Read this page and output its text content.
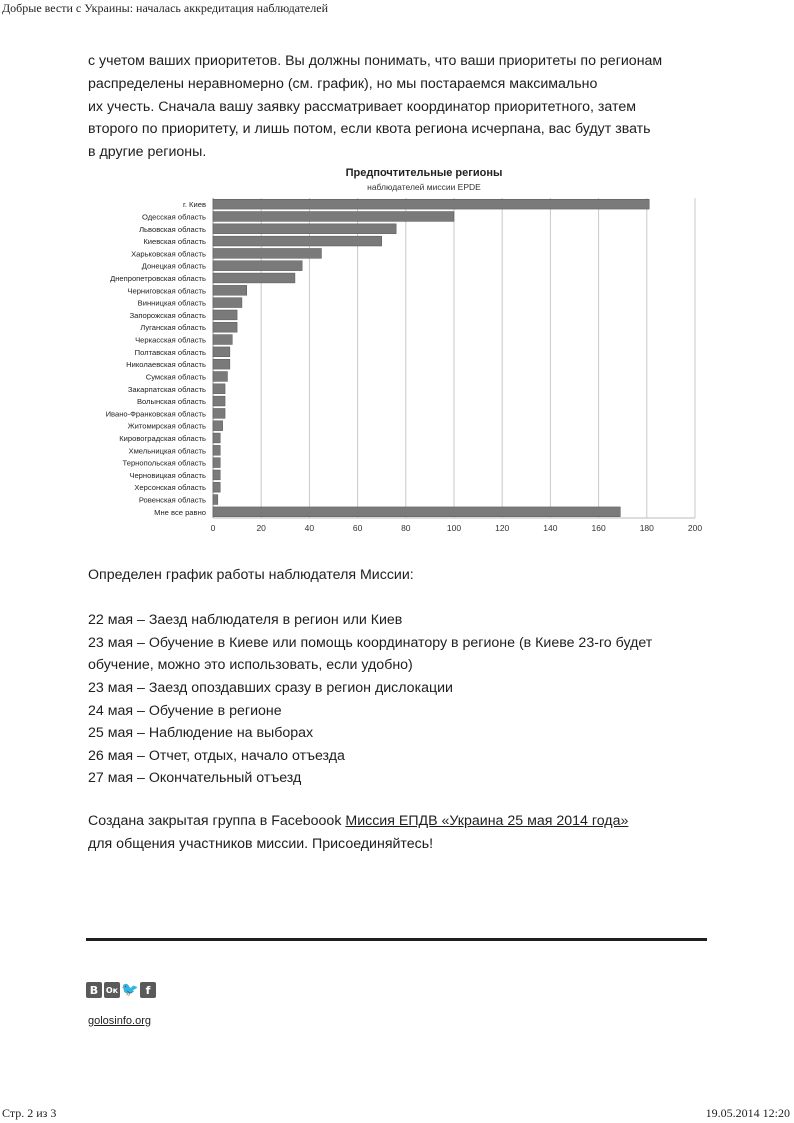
Добрые вести с Украины: началась аккредитация наблюдателей
с учетом ваших приоритетов. Вы должны понимать, что ваши приоритеты по регионам
распределены неравномерно (см. график), но мы постараемся максимально
их учесть. Сначала вашу заявку рассматривает координатор приоритетного, затем
второго по приоритету, и лишь потом, если квота региона исчерпана, вас будут звать
в другие регионы.
Предпочтительные регионы
наблюдателей миссии EPDE
0	20	40	60	80	100	120	140	160	180	200
г. Киев
Одесская область
Львовская область
Киевская область
Харьковская область
Донецкая область
Днепропетровская область
Черниговская область
Винницкая область
Запорожская область
Луганская область
Черкасская область
Полтавская область
Николаевская область
Сумская область
Закарпатская область
Волынская область
Ивано-Франковская область
Житомирская область
Кировоградская область
Хмельницкая область
Тернопольская область
Черновицкая область
Херсонская область
Ровенская область
Мне все равно
Определен график работы наблюдателя Миссии:
22 мая – Заезд наблюдателя в регион или Киев
23 мая – Обучение в Киеве или помощь координатору в регионе (в Киеве 23-го будет
обучение, можно это использовать, если удобно)
23 мая – Заезд опоздавших сразу в регион дислокации
24 мая – Обучение в регионе
25 мая – Наблюдение на выборах
26 мая – Отчет, отдых, начало отъезда
27 мая – Окончательный отъезд
Создана закрытая группа в Faceboook Миссия ЕПДВ «Украина 25 мая 2014 года»
для общения участников миссии. Присоединяйтесь!
В Ок 🐦 f
golosinfo.org
Стр. 2 из 3	19.05.2014 12:20
